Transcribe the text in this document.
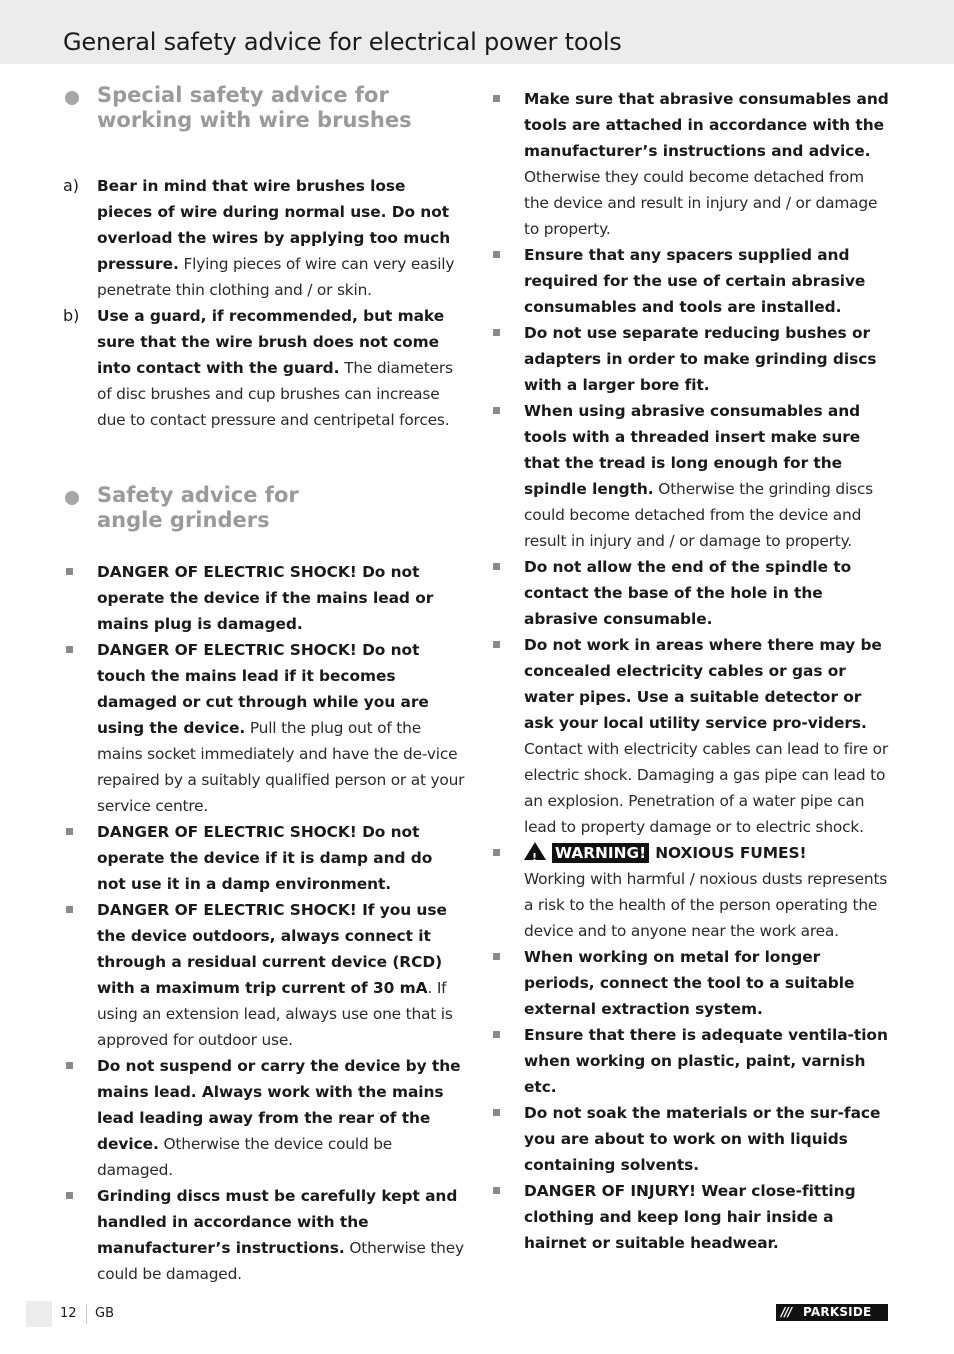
General safety advice for electrical power tools
Special safety advice for
working with wire brushes
a) Bear in mind that wire brushes lose pieces of wire during normal use. Do not overload the wires by applying too much pressure. Flying pieces of wire can very easily penetrate thin clothing and / or skin.
b) Use a guard, if recommended, but make sure that the wire brush does not come into contact with the guard. The diameters of disc brushes and cup brushes can increase due to contact pressure and centripetal forces.
Safety advice for
angle grinders
DANGER OF ELECTRIC SHOCK! Do not operate the device if the mains lead or mains plug is damaged.
DANGER OF ELECTRIC SHOCK! Do not touch the mains lead if it becomes damaged or cut through while you are using the device. Pull the plug out of the mains socket immediately and have the de-vice repaired by a suitably qualified person or at your service centre.
DANGER OF ELECTRIC SHOCK! Do not operate the device if it is damp and do not use it in a damp environment.
DANGER OF ELECTRIC SHOCK! If you use the device outdoors, always connect it through a residual current device (RCD) with a maximum trip current of 30 mA. If using an extension lead, always use one that is approved for outdoor use.
Do not suspend or carry the device by the mains lead. Always work with the mains lead leading away from the rear of the device. Otherwise the device could be damaged.
Grinding discs must be carefully kept and handled in accordance with the manufacturer’s instructions. Otherwise they could be damaged.
Make sure that abrasive consumables and tools are attached in accordance with the manufacturer’s instructions and advice. Otherwise they could become detached from the device and result in injury and / or damage to property.
Ensure that any spacers supplied and required for the use of certain abrasive consumables and tools are installed.
Do not use separate reducing bushes or adapters in order to make grinding discs with a larger bore fit.
When using abrasive consumables and tools with a threaded insert make sure that the tread is long enough for the spindle length. Otherwise the grinding discs could become detached from the device and result in injury and / or damage to property.
Do not allow the end of the spindle to contact the base of the hole in the abrasive consumable.
Do not work in areas where there may be concealed electricity cables or gas or water pipes. Use a suitable detector or ask your local utility service pro-viders. Contact with electricity cables can lead to fire or electric shock. Damaging a gas pipe can lead to an explosion. Penetration of a water pipe can lead to property damage or to electric shock.
!WARNING! NOXIOUS FUMES!
Working with harmful / noxious dusts represents a risk to the health of the person operating the device and to anyone near the work area.
When working on metal for longer periods, connect the tool to a suitable external extraction system.
Ensure that there is adequate ventila-tion when working on plastic, paint, varnish etc.
Do not soak the materials or the sur-face you are about to work on with liquids containing solvents.
DANGER OF INJURY! Wear close-fitting clothing and keep long hair inside a hairnet or suitable headwear.
12 GB	/// PARKSIDE
